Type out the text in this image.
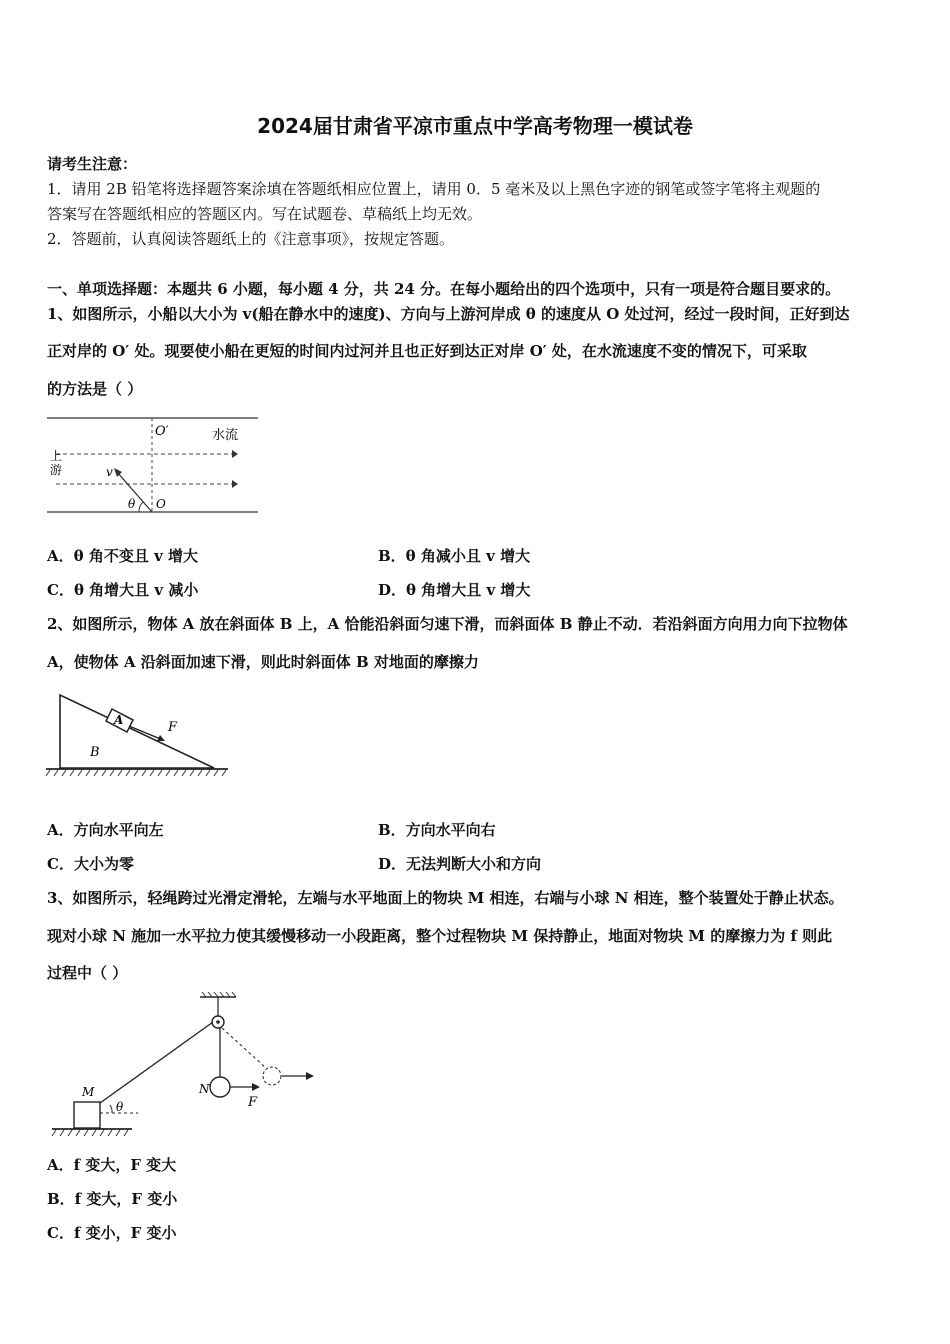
2024届甘肃省平凉市重点中学高考物理一模试卷
请考生注意：
1．请用 2B 铅笔将选择题答案涂填在答题纸相应位置上，请用 0．5 毫米及以上黑色字迹的钢笔或签字笔将主观题的
答案写在答题纸相应的答题区内。写在试题卷、草稿纸上均无效。
2．答题前，认真阅读答题纸上的《注意事项》，按规定答题。
一、单项选择题：本题共 6 小题，每小题 4 分，共 24 分。在每小题给出的四个选项中，只有一项是符合题目要求的。
1、如图所示，小船以大小为 v(船在静水中的速度)、方向与上游河岸成 θ 的速度从 O 处过河，经过一段时间，正好到达
正对岸的 O′ 处。现要使小船在更短的时间内过河并且也正好到达正对岸 O′ 处，在水流速度不变的情况下，可采取
的方法是（ ）
O′	水流
上
游	v
θ O
A．θ 角不变且 v 增大	B．θ 角减小且 v 增大
C．θ 角增大且 v 减小	D．θ 角增大且 v 增大
2、如图所示，物体 A 放在斜面体 B 上，A 恰能沿斜面匀速下滑，而斜面体 B 静止不动．若沿斜面方向用力向下拉物体
A，使物体 A 沿斜面加速下滑，则此时斜面体 B 对地面的摩擦力
A	F
B
A．方向水平向左	B．方向水平向右
C．大小为零	D．无法判断大小和方向
3、如图所示，轻绳跨过光滑定滑轮，左端与水平地面上的物块 M 相连，右端与小球 N 相连，整个装置处于静止状态。
现对小球 N 施加一水平拉力使其缓慢移动一小段距离，整个过程物块 M 保持静止，地面对物块 M 的摩擦力为 f 则此
过程中（ ）
M
θ
N
F
A．f 变大，F 变大
B．f 变大，F 变小
C．f 变小，F 变小
